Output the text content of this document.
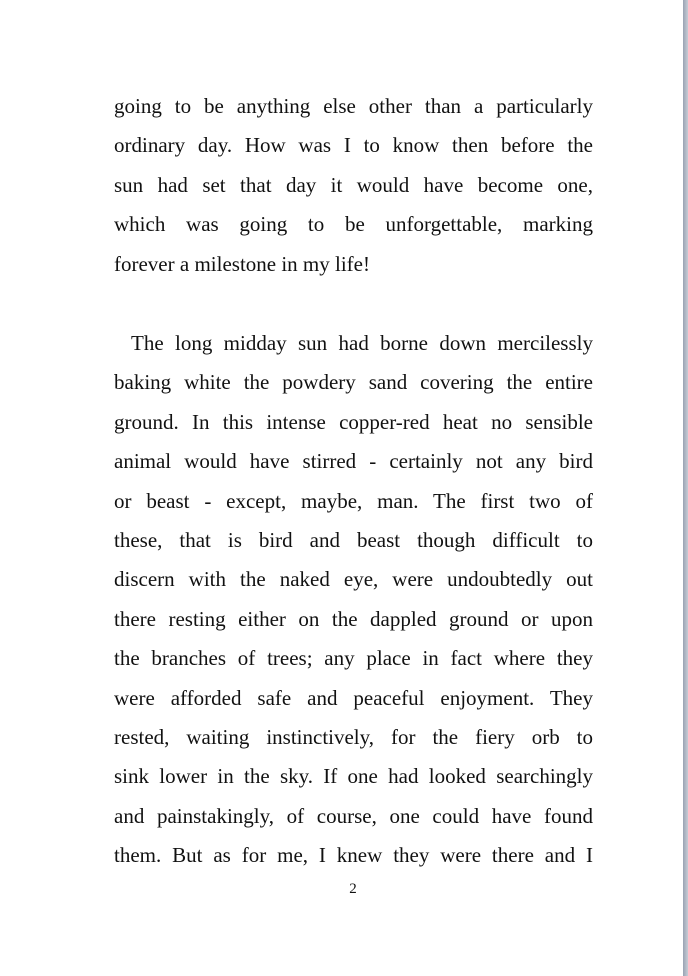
going to be anything else other than a particularly
ordinary day. How was I to know then before the
sun had set that day it would have become one,
which was going to be unforgettable, marking
forever a milestone in my life!
The long midday sun had borne down mercilessly
baking white the powdery sand covering the entire
ground. In this intense copper-red heat no sensible
animal would have stirred - certainly not any bird
or beast - except, maybe, man. The first two of
these, that is bird and beast though difficult to
discern with the naked eye, were undoubtedly out
there resting either on the dappled ground or upon
the branches of trees; any place in fact where they
were afforded safe and peaceful enjoyment. They
rested, waiting instinctively, for the fiery orb to
sink lower in the sky. If one had looked searchingly
and painstakingly, of course, one could have found
them. But as for me, I knew they were there and I
2
